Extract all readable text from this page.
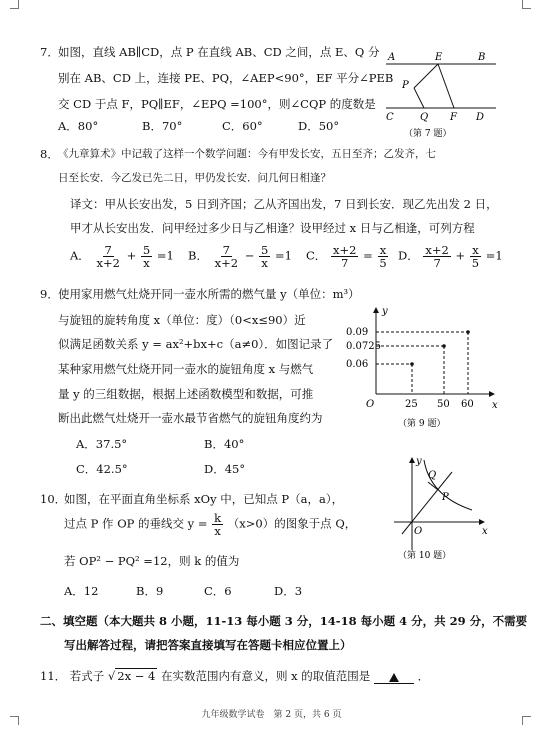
7． 如图，直线 AB∥CD，点 P 在直线 AB、CD 之间，点 E、Q 分
别在 AB、CD 上，连接 PE、PQ，∠AEP<90°，EF 平分∠PEB
交 CD 于点 F，PQ∥EF，∠EPQ =100°，则∠CQP 的度数是
A．80°	B．70°	C．60°	D．50°
A	E	B
P
C	Q F D
（第 7 题）
8． 《九章算术》中记载了这样一个数学问题：今有甲发长安，五日至齐；乙发齐，七
日至长安．今乙发已先二日，甲仍发长安．问几何日相逢？
译文：甲从长安出发，5 日到齐国；乙从齐国出发，7 日到长安．现乙先出发 2 日，
甲才从长安出发．问甲经过多少日与乙相逢？设甲经过 x 日与乙相逢，可列方程
A． $\frac{7}{x+2} + \frac{5}{x} =1$ B． $\frac{7}{x+2} - \frac{5}{x} =1$ C． $\frac{x+2}{7} = \frac{x}{5}$ D． $\frac{x+2}{7} + \frac{x}{5} =1$
9． 使用家用燃气灶烧开同一壶水所需的燃气量 y（单位：m³）
与旋钮的旋转角度 x（单位：度）（0<x≤90）近
似满足函数关系 y = ax²+bx+c（a≠0）．如图记录了
某种家用燃气灶烧开同一壶水的旋钮角度 x 与燃气
量 y 的三组数据，根据上述函数模型和数据，可推
断出此燃气灶烧开一壶水最节省燃气的旋钮角度约为
A．37.5°	B．40°
C．42.5°	D．45°
y
x
O
0.09
0.0725
0.06
25 50 60
（第 9 题）
10．
如图，在平面直角坐标系 xOy 中，已知点 P（a，a），
过点 P 作 OP 的垂线交 $y = \frac{k}{x} (x>0)$的图象于点 Q，
若 OP² − PQ² =12，则 k 的值为
A．12	B．9	C．6	D．3
y
x
O
Q
P
（第 10 题）
二、填空题（本大题共 8 小题，11-13 每小题 3 分，14-18 每小题 4 分，共 29 分，不需要
写出解答过程，请把答案直接填写在答题卡相应位置上）
11． 若式子 √ 2x − 4 在实数范围内有意义，则 x 的取值范围是	．
九年级数学试卷　第 2 页，共 6 页
